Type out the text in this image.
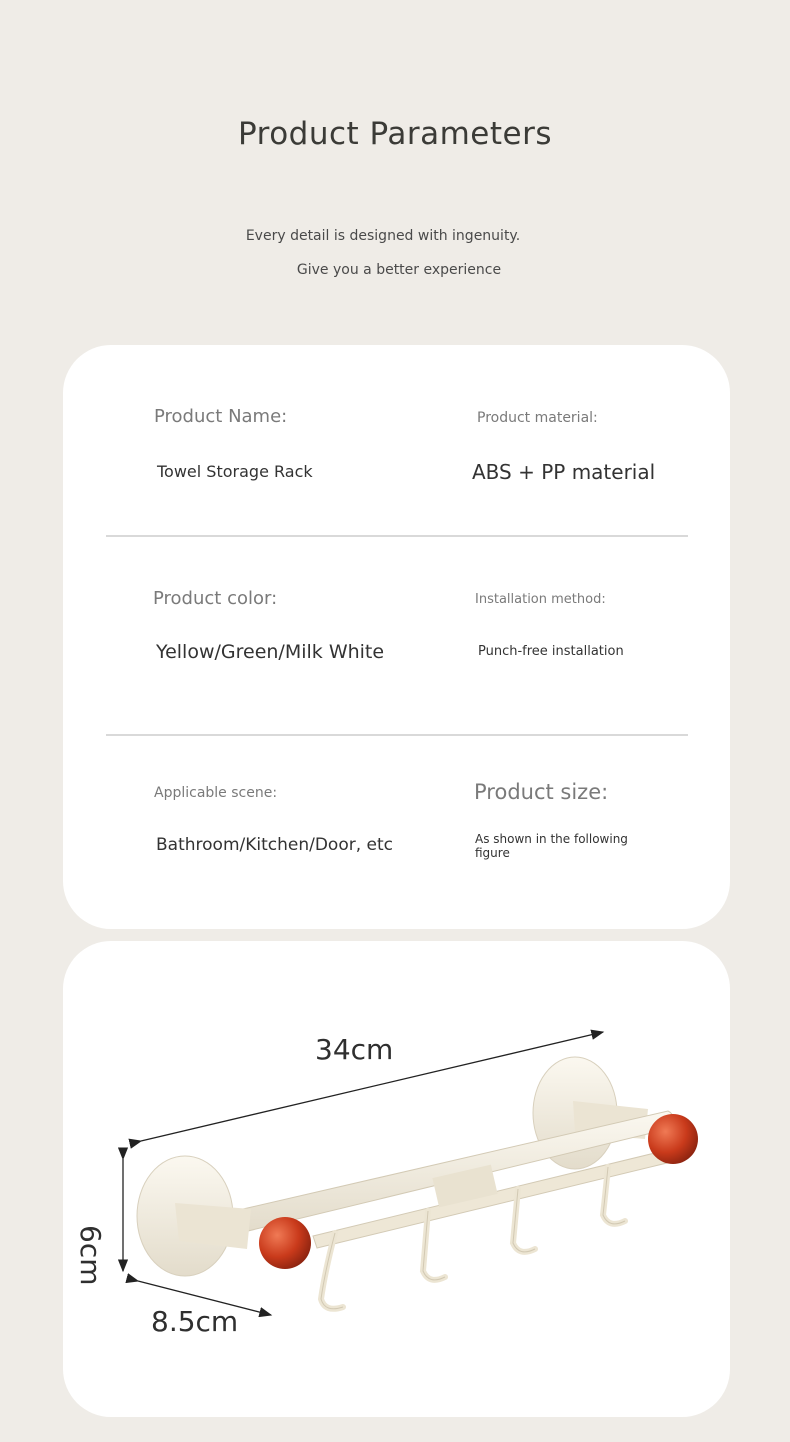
Product Parameters
Every detail is designed with ingenuity.
Give you a better experience
Product Name:
Towel Storage Rack
Product material:
ABS + PP material
Product color:
Yellow/Green/Milk White
Installation method:
Punch-free installation
Applicable scene:
Bathroom/Kitchen/Door, etc
Product size:
As shown in the following figure
34cm
8.5cm
6cm
